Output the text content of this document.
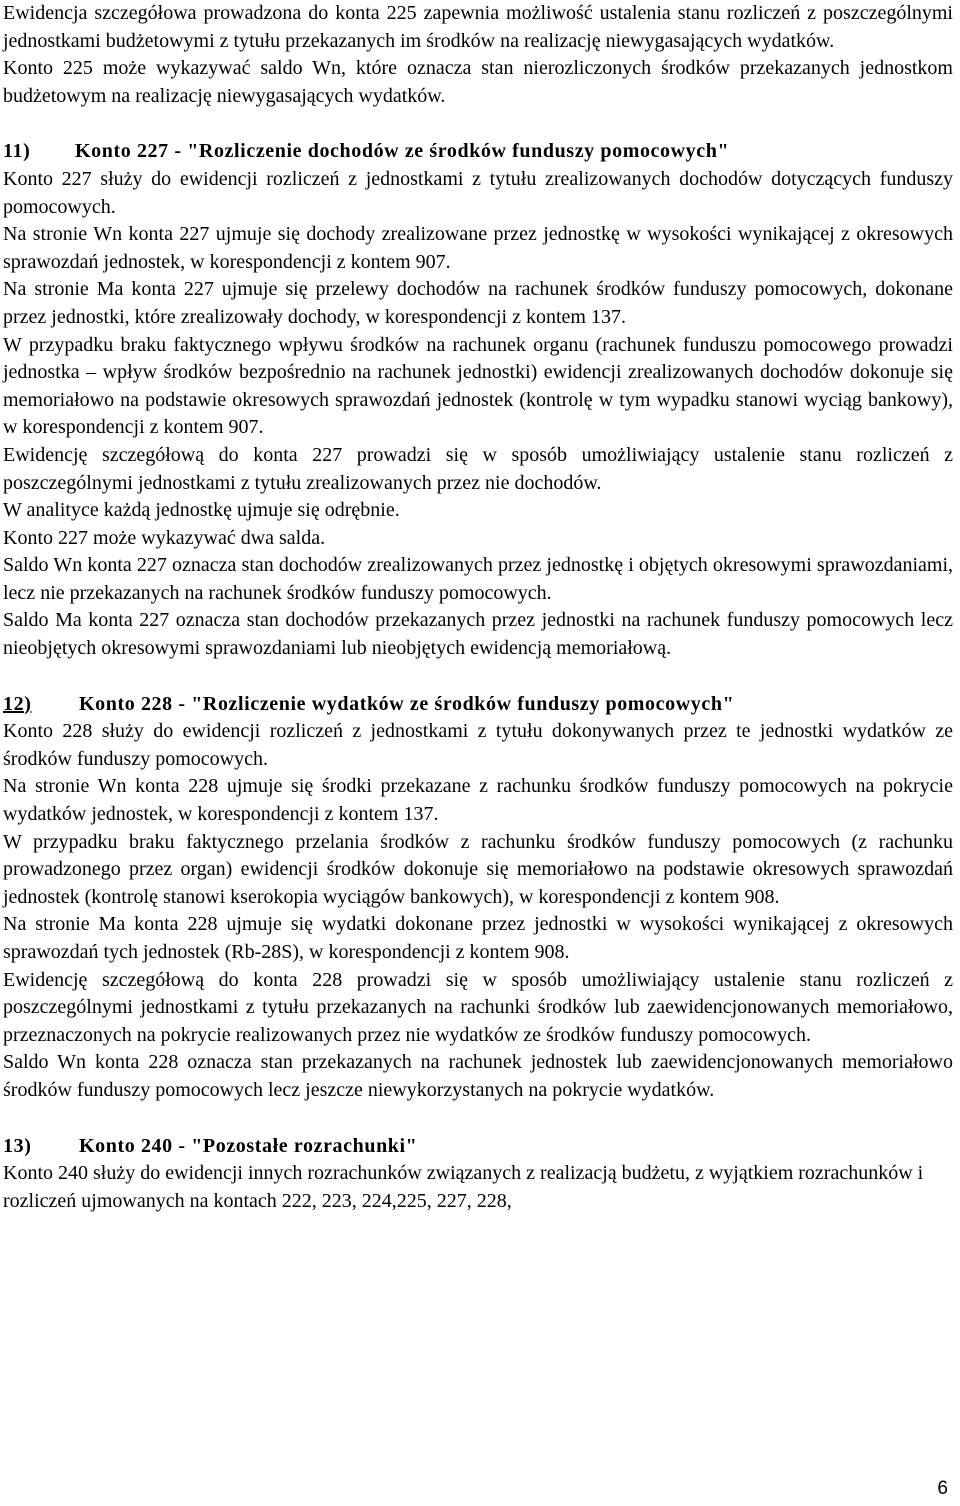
Ewidencja szczegółowa prowadzona do konta 225 zapewnia możliwość ustalenia stanu rozliczeń z poszczególnymi jednostkami budżetowymi z tytułu przekazanych im środków na realizację niewygasających wydatków.

Konto 225 może wykazywać saldo Wn, które oznacza stan nierozliczonych środków przekazanych jednostkom budżetowym na realizację niewygasających wydatków.

11) Konto 227 - "Rozliczenie dochodów ze środków funduszy pomocowych"

Konto 227 służy do ewidencji rozliczeń z jednostkami z tytułu zrealizowanych dochodów dotyczących funduszy pomocowych.

Na stronie Wn konta 227 ujmuje się dochody zrealizowane przez jednostkę w wysokości wynikającej z okresowych sprawozdań jednostek, w korespondencji z kontem 907.

Na stronie Ma konta 227 ujmuje się przelewy dochodów na rachunek środków funduszy pomocowych, dokonane przez jednostki, które zrealizowały dochody, w korespondencji z kontem 137.

W przypadku braku faktycznego wpływu środków na rachunek organu (rachunek funduszu pomocowego prowadzi jednostka – wpływ środków bezpośrednio na rachunek jednostki) ewidencji zrealizowanych dochodów dokonuje się memoriałowo na podstawie okresowych sprawozdań jednostek (kontrolę w tym wypadku stanowi wyciąg bankowy), w korespondencji z kontem 907.

Ewidencję szczegółową do konta 227 prowadzi się w sposób umożliwiający ustalenie stanu rozliczeń z poszczególnymi jednostkami z tytułu zrealizowanych przez nie dochodów.

W analityce każdą jednostkę ujmuje się odrębnie.

Konto 227 może wykazywać dwa salda.

Saldo Wn konta 227 oznacza stan dochodów zrealizowanych przez jednostkę i objętych okresowymi sprawozdaniami, lecz nie przekazanych na rachunek środków funduszy pomocowych.

Saldo Ma konta 227 oznacza stan dochodów przekazanych przez jednostki na rachunek funduszy pomocowych lecz nieobjętych okresowymi sprawozdaniami lub nieobjętych ewidencją memoriałową.

12) Konto 228 - "Rozliczenie wydatków ze środków funduszy pomocowych"

Konto 228 służy do ewidencji rozliczeń z jednostkami z tytułu dokonywanych przez te jednostki wydatków ze środków funduszy pomocowych.

Na stronie Wn konta 228 ujmuje się środki przekazane z rachunku środków funduszy pomocowych na pokrycie wydatków jednostek, w korespondencji z kontem 137.

W przypadku braku faktycznego przelania środków z rachunku środków funduszy pomocowych (z rachunku prowadzonego przez organ) ewidencji środków dokonuje się memoriałowo na podstawie okresowych sprawozdań jednostek (kontrolę stanowi kserokopia wyciągów bankowych), w korespondencji z kontem 908.

Na stronie Ma konta 228 ujmuje się wydatki dokonane przez jednostki w wysokości wynikającej z okresowych sprawozdań tych jednostek (Rb-28S), w korespondencji z kontem 908.

Ewidencję szczegółową do konta 228 prowadzi się w sposób umożliwiający ustalenie stanu rozliczeń z poszczególnymi jednostkami z tytułu przekazanych na rachunki środków lub zaewidencjonowanych memoriałowo, przeznaczonych na pokrycie realizowanych przez nie wydatków ze środków funduszy pomocowych.

Saldo Wn konta 228 oznacza stan przekazanych na rachunek jednostek lub zaewidencjonowanych memoriałowo środków funduszy pomocowych lecz jeszcze niewykorzystanych na pokrycie wydatków.

13) Konto 240 - "Pozostałe rozrachunki"

Konto 240 służy do ewidencji innych rozrachunków związanych z realizacją budżetu, z wyjątkiem rozrachunków i rozliczeń ujmowanych na kontach 222, 223, 224,225, 227, 228,

6
